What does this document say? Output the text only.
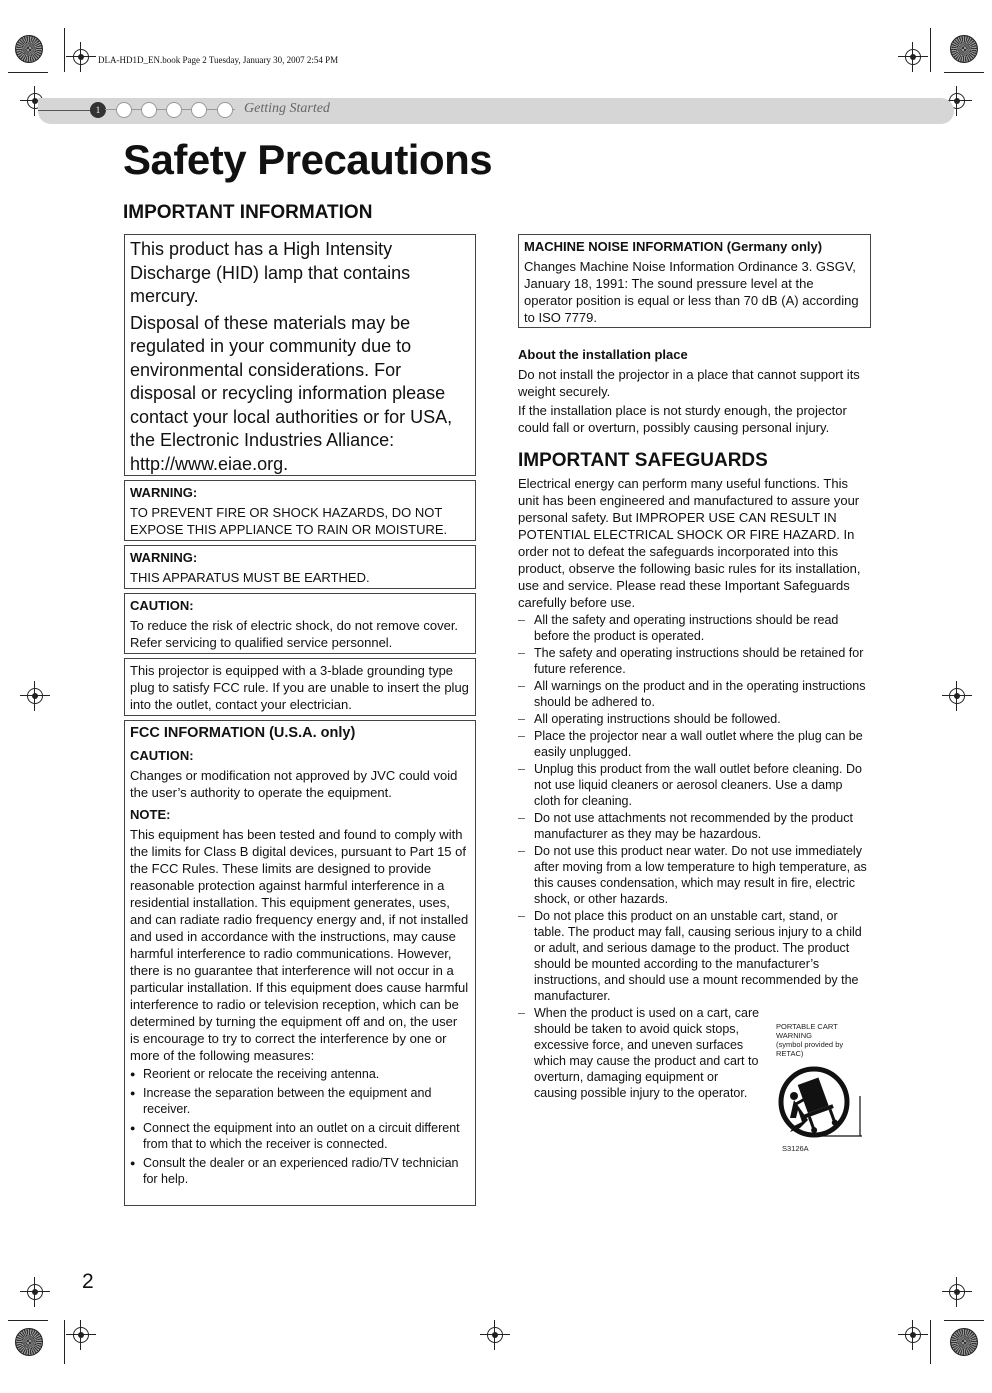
DLA-HD1D_EN.book Page 2 Tuesday, January 30, 2007 2:54 PM
1	Getting Started
Safety Precautions
IMPORTANT INFORMATION

This product has a High Intensity Discharge (HID) lamp that contains mercury.

Disposal of these materials may be regulated in your community due to environmental considerations. For disposal or recycling information please contact your local authorities or for USA, the Electronic Industries Alliance: http://www.eiae.org.

WARNING:

TO PREVENT FIRE OR SHOCK HAZARDS, DO NOT EXPOSE THIS APPLIANCE TO RAIN OR MOISTURE.

WARNING:

THIS APPARATUS MUST BE EARTHED.

CAUTION:

To reduce the risk of electric shock, do not remove cover. Refer servicing to qualified service personnel.

This projector is equipped with a 3-blade grounding type plug to satisfy FCC rule. If you are unable to insert the plug into the outlet, contact your electrician.

FCC INFORMATION (U.S.A. only)

CAUTION:

Changes or modification not approved by JVC could void the user’s authority to operate the equipment.

NOTE:

This equipment has been tested and found to comply with the limits for Class B digital devices, pursuant to Part 15 of the FCC Rules. These limits are designed to provide reasonable protection against harmful interference in a residential installation. This equipment generates, uses, and can radiate radio frequency energy and, if not installed and used in accordance with the instructions, may cause harmful interference to radio communications. However, there is no guarantee that interference will not occur in a particular installation. If this equipment does cause harmful interference to radio or television reception, which can be determined by turning the equipment off and on, the user is encourage to try to correct the interference by one or more of the following measures:

● Reorient or relocate the receiving antenna.
● Increase the separation between the equipment and receiver.
● Connect the equipment into an outlet on a circuit different from that to which the receiver is connected.
● Consult the dealer or an experienced radio/TV technician for help.

MACHINE NOISE INFORMATION (Germany only)

Changes Machine Noise Information Ordinance 3. GSGV, January 18, 1991: The sound pressure level at the operator position is equal or less than 70 dB (A) according to ISO 7779.

About the installation place

Do not install the projector in a place that cannot support its weight securely.

If the installation place is not sturdy enough, the projector could fall or overturn, possibly causing personal injury.

IMPORTANT SAFEGUARDS

Electrical energy can perform many useful functions. This unit has been engineered and manufactured to assure your personal safety. But IMPROPER USE CAN RESULT IN POTENTIAL ELECTRICAL SHOCK OR FIRE HAZARD. In order not to defeat the safeguards incorporated into this product, observe the following basic rules for its installation, use and service. Please read these Important Safeguards carefully before use.

– All the safety and operating instructions should be read before the product is operated.
– The safety and operating instructions should be retained for future reference.
– All warnings on the product and in the operating instructions should be adhered to.
– All operating instructions should be followed.
– Place the projector near a wall outlet where the plug can be easily unplugged.
– Unplug this product from the wall outlet before cleaning. Do not use liquid cleaners or aerosol cleaners. Use a damp cloth for cleaning.
– Do not use attachments not recommended by the product manufacturer as they may be hazardous.
– Do not use this product near water. Do not use immediately after moving from a low temperature to high temperature, as this causes condensation, which may result in fire, electric shock, or other hazards.
– Do not place this product on an unstable cart, stand, or table. The product may fall, causing serious injury to a child or adult, and serious damage to the product. The product should be mounted according to the manufacturer’s instructions, and should use a mount recommended by the manufacturer.
– When the product is used on a cart, care should be taken to avoid quick stops, excessive force, and uneven surfaces which may cause the product and cart to overturn, damaging equipment or causing possible injury to the operator.
PORTABLE CART WARNING
(symbol provided by RETAC)
S3126A
2
